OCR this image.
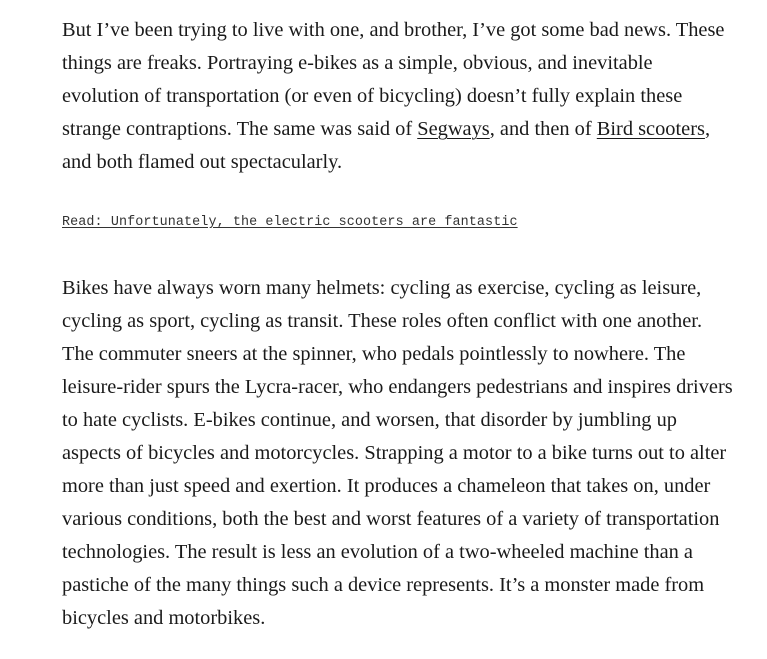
But I’ve been trying to live with one, and brother, I’ve got some bad news. These things are freaks. Portraying e-bikes as a simple, obvious, and inevitable evolution of transportation (or even of bicycling) doesn’t fully explain these strange contraptions. The same was said of Segways, and then of Bird scooters, and both flamed out spectacularly.

Read: Unfortunately, the electric scooters are fantastic

Bikes have always worn many helmets: cycling as exercise, cycling as leisure, cycling as sport, cycling as transit. These roles often conflict with one another. The commuter sneers at the spinner, who pedals pointlessly to nowhere. The leisure-rider spurs the Lycra-racer, who endangers pedestrians and inspires drivers to hate cyclists. E-bikes continue, and worsen, that disorder by jumbling up aspects of bicycles and motorcycles. Strapping a motor to a bike turns out to alter more than just speed and exertion. It produces a chameleon that takes on, under various conditions, both the best and worst features of a variety of transportation technologies. The result is less an evolution of a two-wheeled machine than a pastiche of the many things such a device represents. It’s a monster made from bicycles and motorbikes.
